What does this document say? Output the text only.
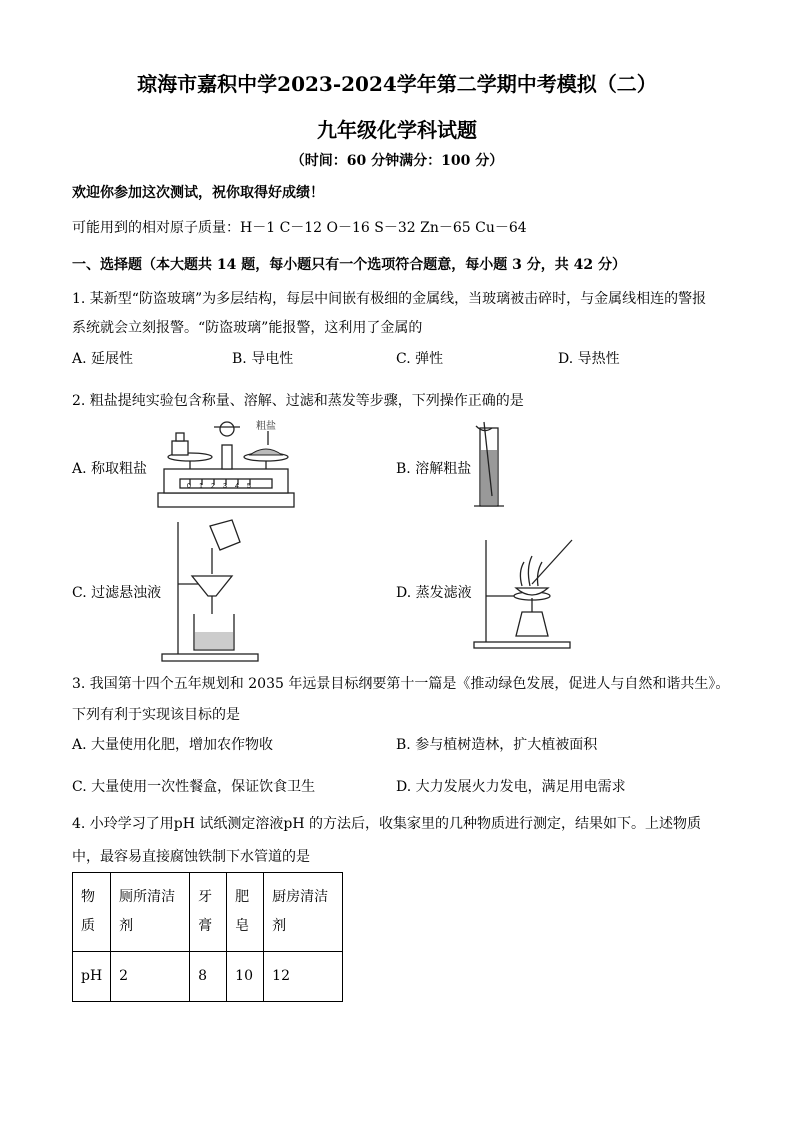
琼海市嘉积中学2023-2024学年第二学期中考模拟（二）
九年级化学科试题
（时间：60 分钟满分：100 分）
欢迎你参加这次测试，祝你取得好成绩！
可能用到的相对原子质量：H－1 C－12 O－16 S－32 Zn－65 Cu－64
一、选择题（本大题共 14 题，每小题只有一个选项符合题意，每小题 3 分，共 42 分）
1. 某新型“防盗玻璃”为多层结构，每层中间嵌有极细的金属线，当玻璃被击碎时，与金属线相连的警报
系统就会立刻报警。“防盗玻璃”能报警，这利用了金属的
A. 延展性	B. 导电性	C. 弹性	D. 导热性
2. 粗盐提纯实验包含称量、溶解、过滤和蒸发等步骤，下列操作正确的是
A. 称取粗盐	B. 溶解粗盐
C. 过滤悬浊液	D. 蒸发滤液
0 1 2 3 4 5
粗盐
3. 我国第十四个五年规划和 2035 年远景目标纲要第十一篇是《推动绿色发展，促进人与自然和谐共生》。
下列有利于实现该目标的是
A. 大量使用化肥，增加农作物收	B. 参与植树造林，扩大植被面积
C. 大量使用一次性餐盒，保证饮食卫生	D. 大力发展火力发电，满足用电需求
4. 小玲学习了用pH 试纸测定溶液pH 的方法后，收集家里的几种物质进行测定，结果如下。上述物质
中，最容易直接腐蚀铁制下水管道的是
物质	厕所清洁剂	牙膏	肥皂	厨房清洁剂
pH	2	8	10	12
